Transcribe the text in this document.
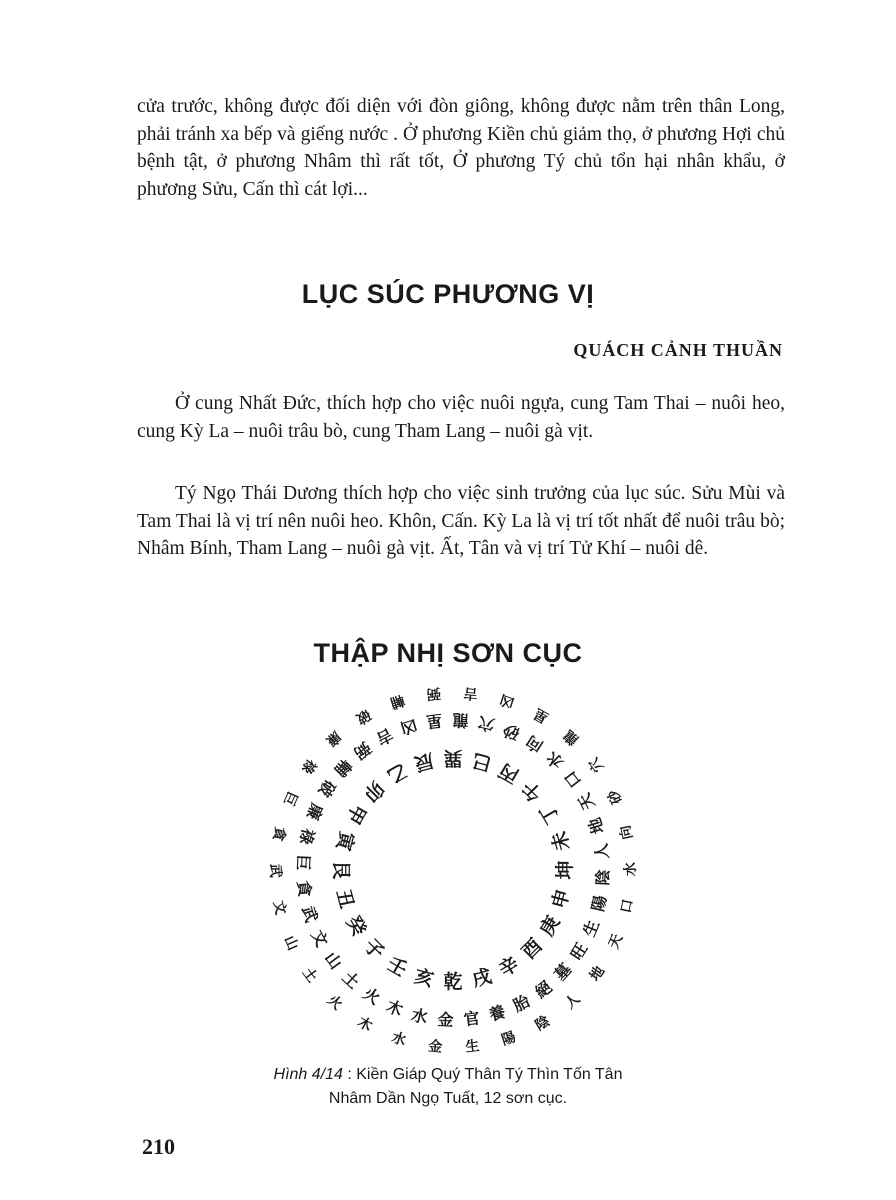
cửa trước, không được đối diện với đòn giông, không được nằm trên thân Long, phải tránh xa bếp và giếng nước . Ở phương Kiền chủ giảm thọ, ở phương Hợi chủ bệnh tật, ở phương Nhâm thì rất tốt, Ở phương Tý chủ tổn hại nhân khẩu, ở phương Sửu, Cấn thì cát lợi...

LỤC SÚC PHƯƠNG VỊ

QUÁCH CẢNH THUẦN

Ở cung Nhất Đức, thích hợp cho việc nuôi ngựa, cung Tam Thai – nuôi heo, cung Kỳ La – nuôi trâu bò, cung Tham Lang – nuôi gà vịt.

Tý Ngọ Thái Dương thích hợp cho việc sinh trưởng của lục súc. Sửu Mùi và Tam Thai là vị trí nên nuôi heo. Khôn, Cấn. Kỳ La là vị trí tốt nhất để nuôi trâu bò; Nhâm Bính, Tham Lang – nuôi gà vịt. Ất, Tân và vị trí Tử Khí – nuôi dê.

THẬP NHỊ SƠN CỤC
乾
亥
壬
子
癸
丑
艮
寅
甲
卯
乙 辰 巽 巳 丙
午
丁
未
坤
申
庚
酉
辛
戌
金
水
木
火
土
山
文
武
貪
巨
祿
廉
破
輔
弼
吉 凶 星 龍 穴 砂 向
水
口
天
地
人
陰
陽
生
旺
墓
絕
胎
養
官
金
水
木
火
土
山
文
武
貪
巨
祿
廉
破
輔 弼 吉 凶
星
龍
穴
砂
向
水
口
天
地
人
陰
陽
生

Hình 4/14 : Kiền Giáp Quý Thân Tý Thìn Tốn Tân

Nhâm Dần Ngọ Tuất, 12 sơn cục.

210
